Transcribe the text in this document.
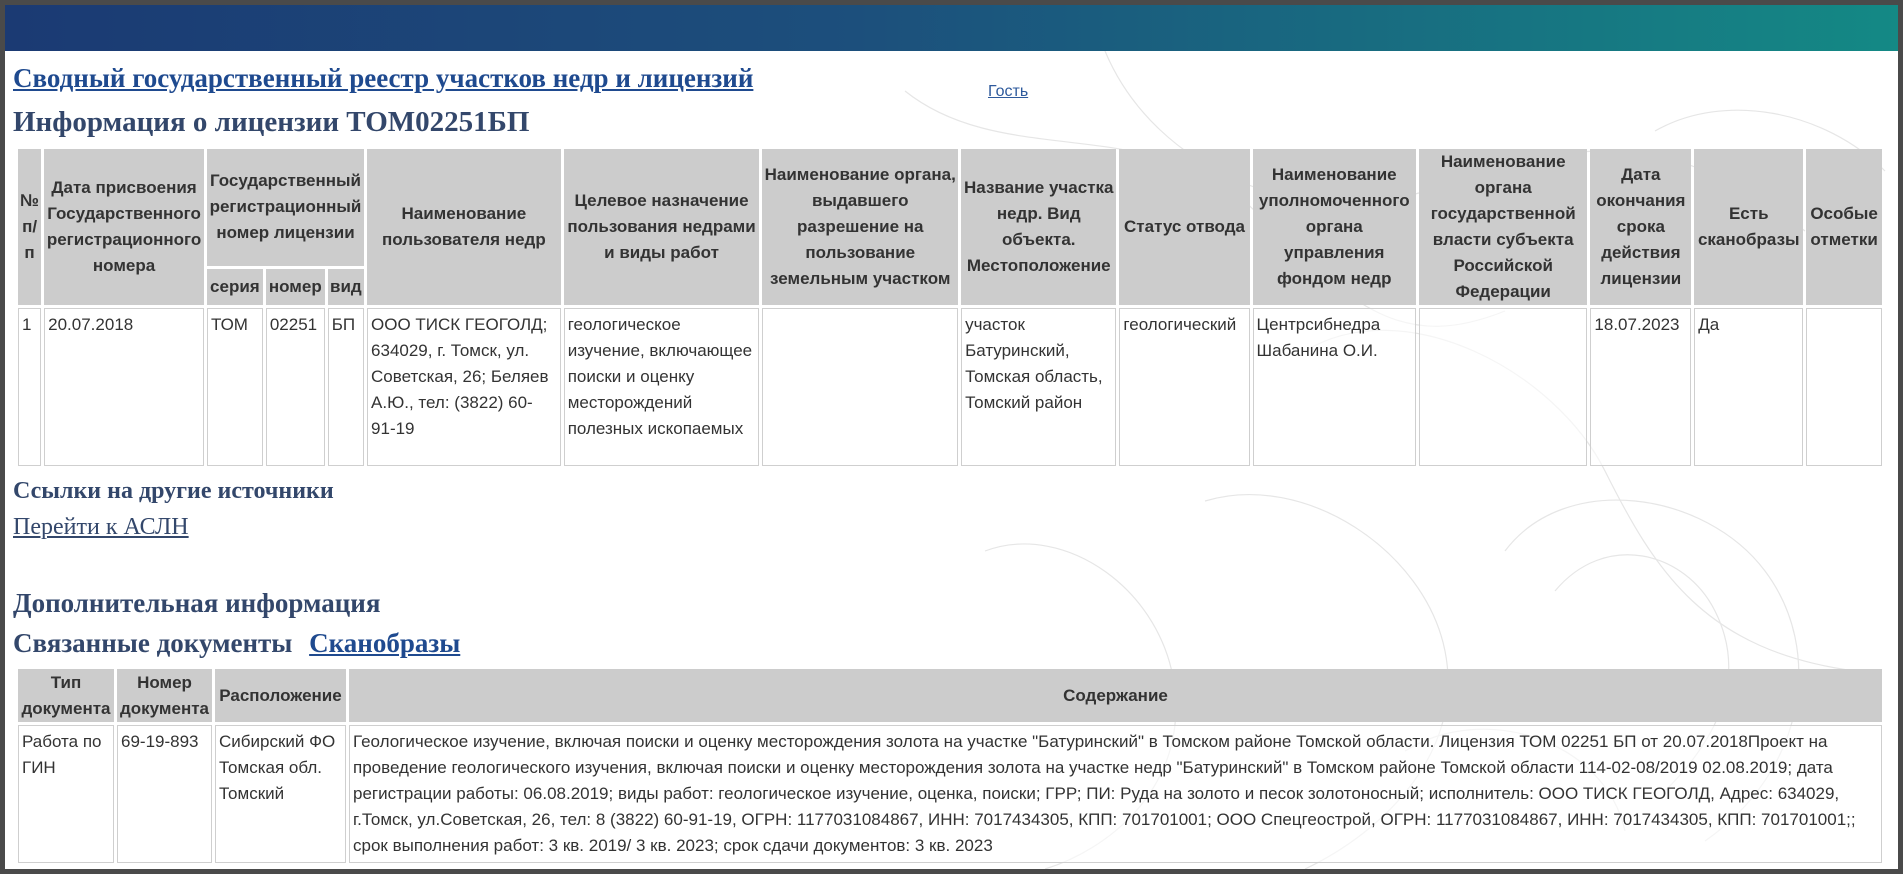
Сводный государственный реестр участков недр и лицензий	Гость
Информация о лицензии ТОМ02251БП
№ п/п	Дата присвоения Государственного регистрационного номера	Государственный регистрационный номер лицензии			Наименование пользователя недр	Целевое назначение пользования недрами и виды работ	Наименование органа, выдавшего разрешение на пользование земельным участком	Название участка недр. Вид объекта. Местоположение	Статус отвода	Наименование уполномоченного органа управления фондом недр	Наименование органа государственной власти субъекта Российской Федерации	Дата окончания срока действия лицензии	Есть сканобразы	Особые отметки
		серия	номер	вид										
1	20.07.2018	ТОМ	02251	БП	ООО ТИСК ГЕОГОЛД; 634029, г. Томск, ул. Советская, 26; Беляев А.Ю., тел: (3822) 60-91-19	геологическое изучение, включающее поиски и оценку месторождений полезных ископаемых		участок Батуринский, Томская область, Томский район	геологический	Центрсибнедра Шабанина О.И.		18.07.2023	Да	
Ссылки на другие источники
Перейти к АСЛН
Дополнительная информация
Связанные документы Сканобразы
Тип документа	Номер документа	Расположение	Содержание
Работа по ГИН	69-19-893	Сибирский ФО Томская обл. Томский	Геологическое изучение, включая поиски и оценку месторождения золота на участке "Батуринский" в Томском районе Томской области. Лицензия ТОМ 02251 БП от 20.07.2018Проект на проведение геологического изучения, включая поиски и оценку месторождения золота на участке недр "Батуринский" в Томском районе Томской области 114-02-08/2019 02.08.2019; дата регистрации работы: 06.08.2019; виды работ: геологическое изучение, оценка, поиски; ГРР; ПИ: Руда на золото и песок золотоносный; исполнитель: ООО ТИСК ГЕОГОЛД, Адрес: 634029, г.Томск, ул.Советская, 26, тел: 8 (3822) 60-91-19, ОГРН: 1177031084867, ИНН: 7017434305, КПП: 701701001; ООО Спецгеострой, ОГРН: 1177031084867, ИНН: 7017434305, КПП: 701701001;; срок выполнения работ: 3 кв. 2019/ 3 кв. 2023; срок сдачи документов: 3 кв. 2023
